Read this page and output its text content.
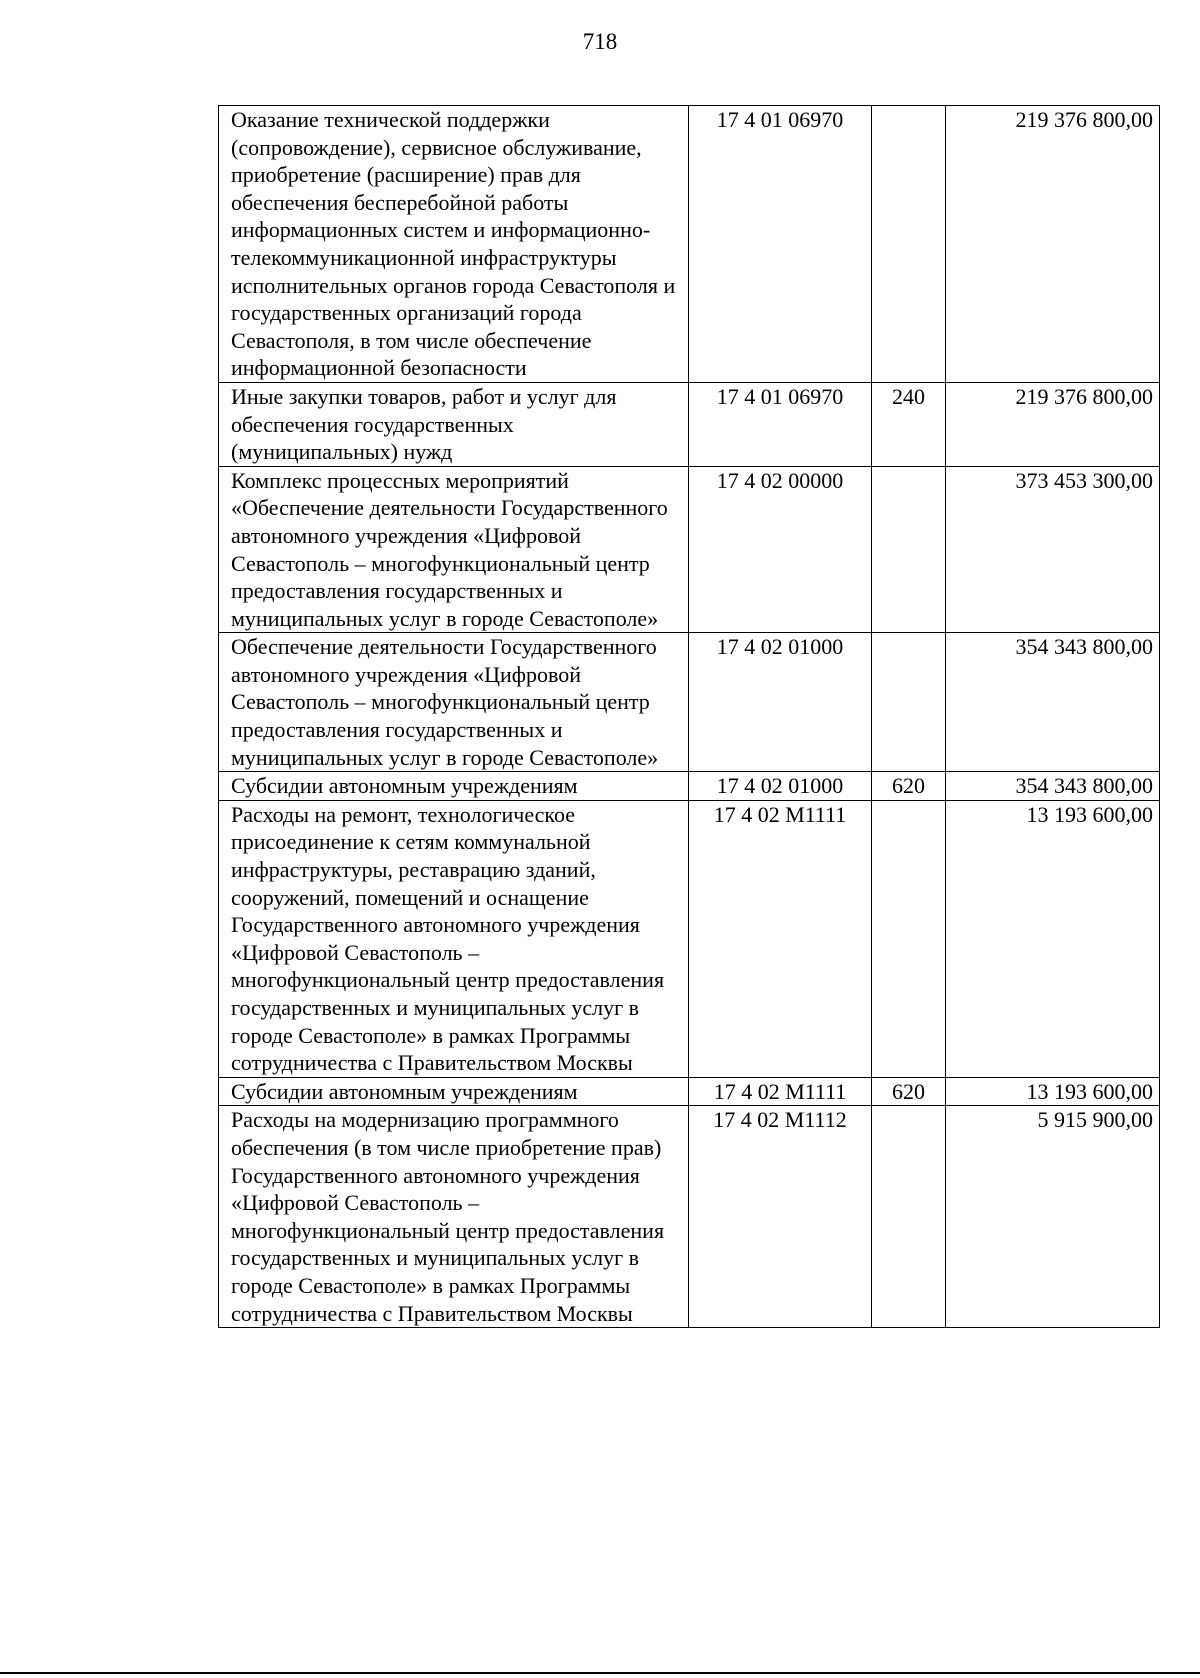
718
Оказание технической поддержки (сопровождение), сервисное обслуживание, приобретение (расширение) прав для обеспечения бесперебойной работы информационных систем и информационно-телекоммуникационной инфраструктуры исполнительных органов города Севастополя и государственных организаций города Севастополя, в том числе обеспечение информационной безопасности	17 4 01 06970		219 376 800,00

Иные закупки товаров, работ и услуг для обеспечения государственных (муниципальных) нужд	17 4 01 06970	240	219 376 800,00

Комплекс процессных мероприятий «Обеспечение деятельности Государственного автономного учреждения «Цифровой Севастополь – многофункциональный центр предоставления государственных и муниципальных услуг в городе Севастополе»	17 4 02 00000		373 453 300,00

Обеспечение деятельности Государственного автономного учреждения «Цифровой Севастополь – многофункциональный центр предоставления государственных и муниципальных услуг в городе Севастополе»	17 4 02 01000		354 343 800,00

Субсидии автономным учреждениям	17 4 02 01000	620	354 343 800,00

Расходы на ремонт, технологическое присоединение к сетям коммунальной инфраструктуры, реставрацию зданий, сооружений, помещений и оснащение Государственного автономного учреждения «Цифровой Севастополь – многофункциональный центр предоставления государственных и муниципальных услуг в городе Севастополе» в рамках Программы сотрудничества с Правительством Москвы	17 4 02 M1111		13 193 600,00

Субсидии автономным учреждениям	17 4 02 M1111	620	13 193 600,00

Расходы на модернизацию программного обеспечения (в том числе приобретение прав) Государственного автономного учреждения «Цифровой Севастополь – многофункциональный центр предоставления государственных и муниципальных услуг в городе Севастополе» в рамках Программы сотрудничества с Правительством Москвы	17 4 02 M1112		5 915 900,00
